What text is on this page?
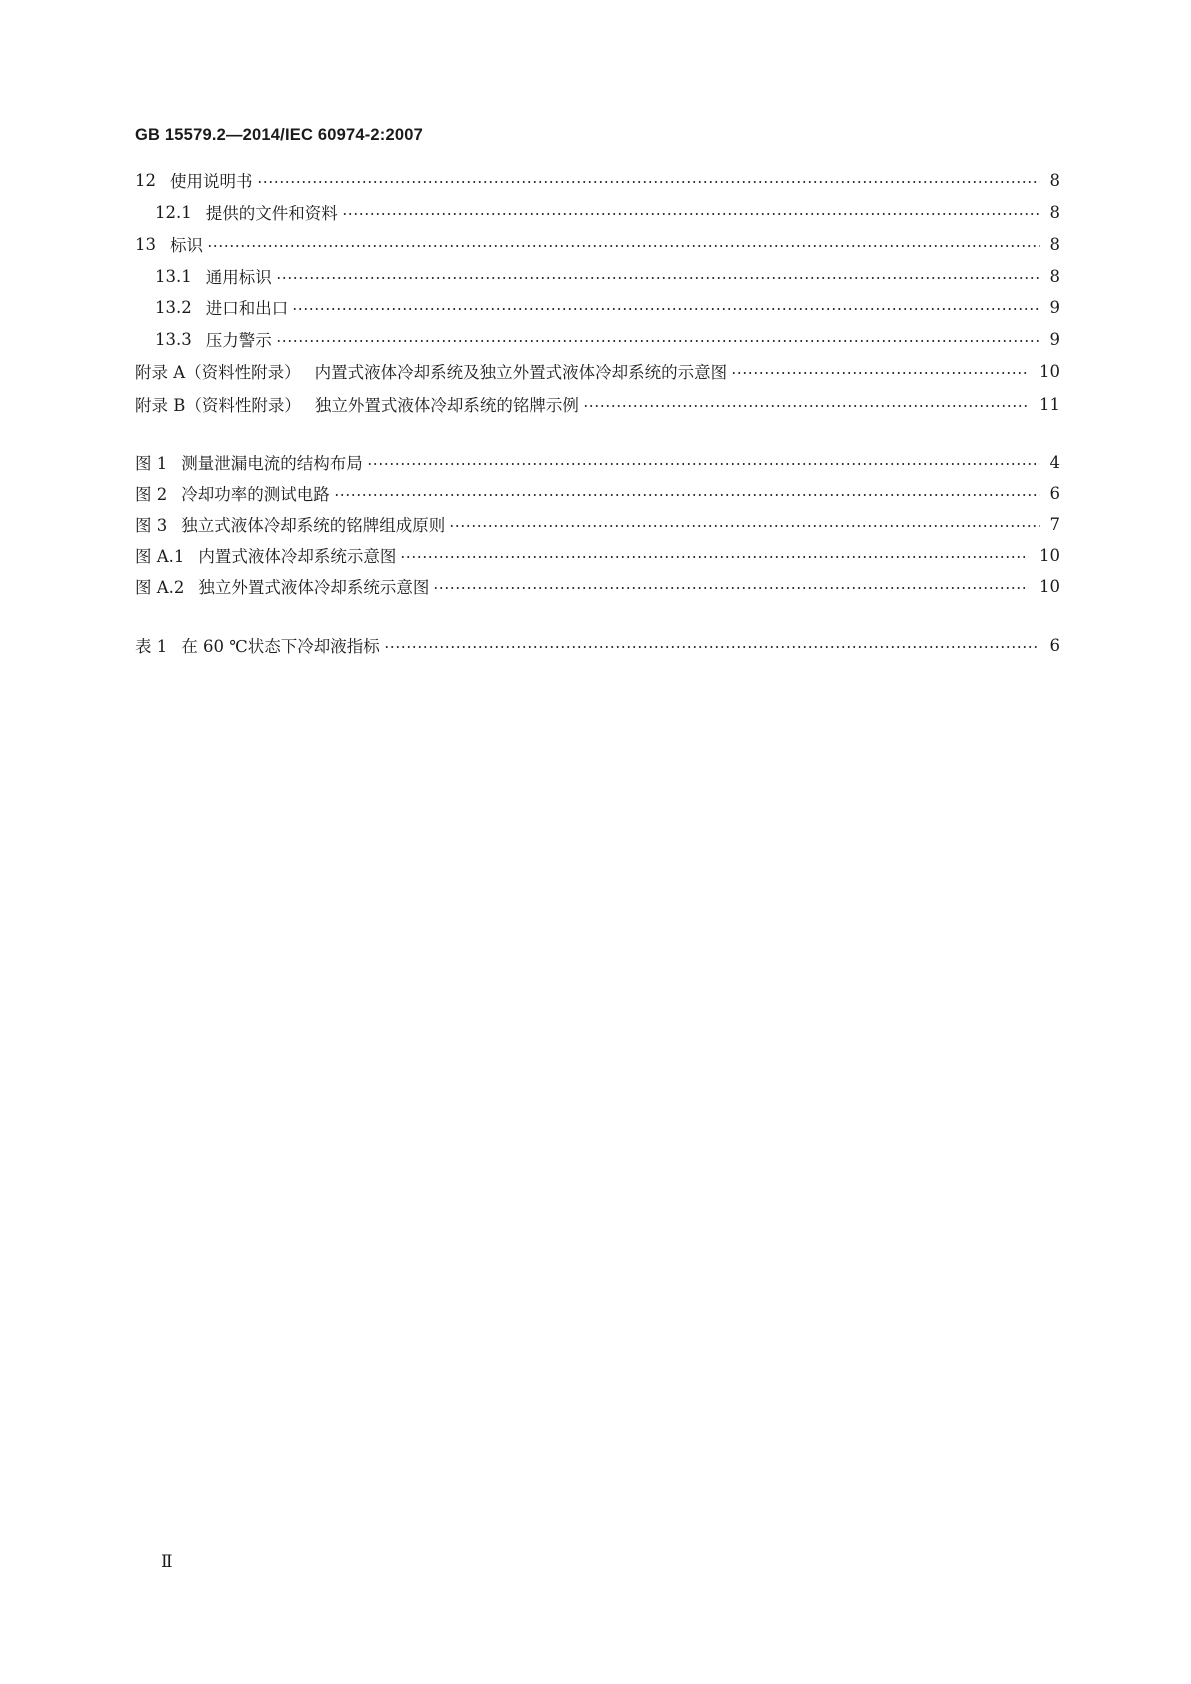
GB 15579.2—2014/IEC 60974-2:2007
12 使用说明书	8
12.1 提供的文件和资料	8
13 标识	8
13.1 通用标识	8
13.2 进口和出口	9
13.3 压力警示	9
附录 A（资料性附录） 内置式液体冷却系统及独立外置式液体冷却系统的示意图	10
附录 B（资料性附录） 独立外置式液体冷却系统的铭牌示例	11
图 1 测量泄漏电流的结构布局	4
图 2 冷却功率的测试电路	6
图 3 独立式液体冷却系统的铭牌组成原则	7
图 A.1 内置式液体冷却系统示意图	10
图 A.2 独立外置式液体冷却系统示意图	10
表 1 在 60 ℃状态下冷却液指标	6
Ⅱ
